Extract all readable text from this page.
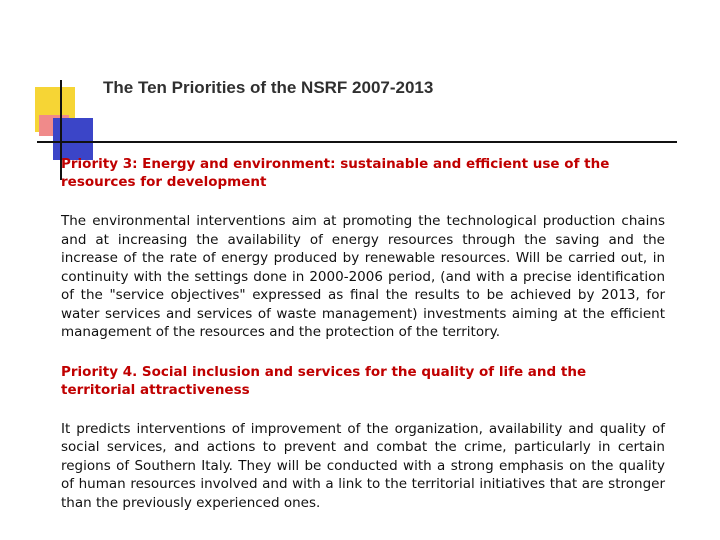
The Ten Priorities of the NSRF 2007-2013

Priority 3: Energy and environment: sustainable and efficient use of the resources for development

The environmental interventions aim at promoting the technological production chains and at increasing the availability of energy resources through the saving and the increase of the rate of energy produced by renewable resources. Will be carried out, in continuity with the settings done in 2000-2006 period, (and with a precise identification of the "service objectives" expressed as final the results to be achieved by 2013, for water services and services of waste management) investments aiming at the efficient management of the resources and the protection of the territory.

Priority 4. Social inclusion and services for the quality of life and the territorial attractiveness

It predicts interventions of improvement of the organization, availability and quality of social services, and actions to prevent and combat the crime, particularly in certain regions of Southern Italy. They will be conducted with a strong emphasis on the quality of human resources involved and with a link to the territorial initiatives that are stronger than the previously experienced ones.
